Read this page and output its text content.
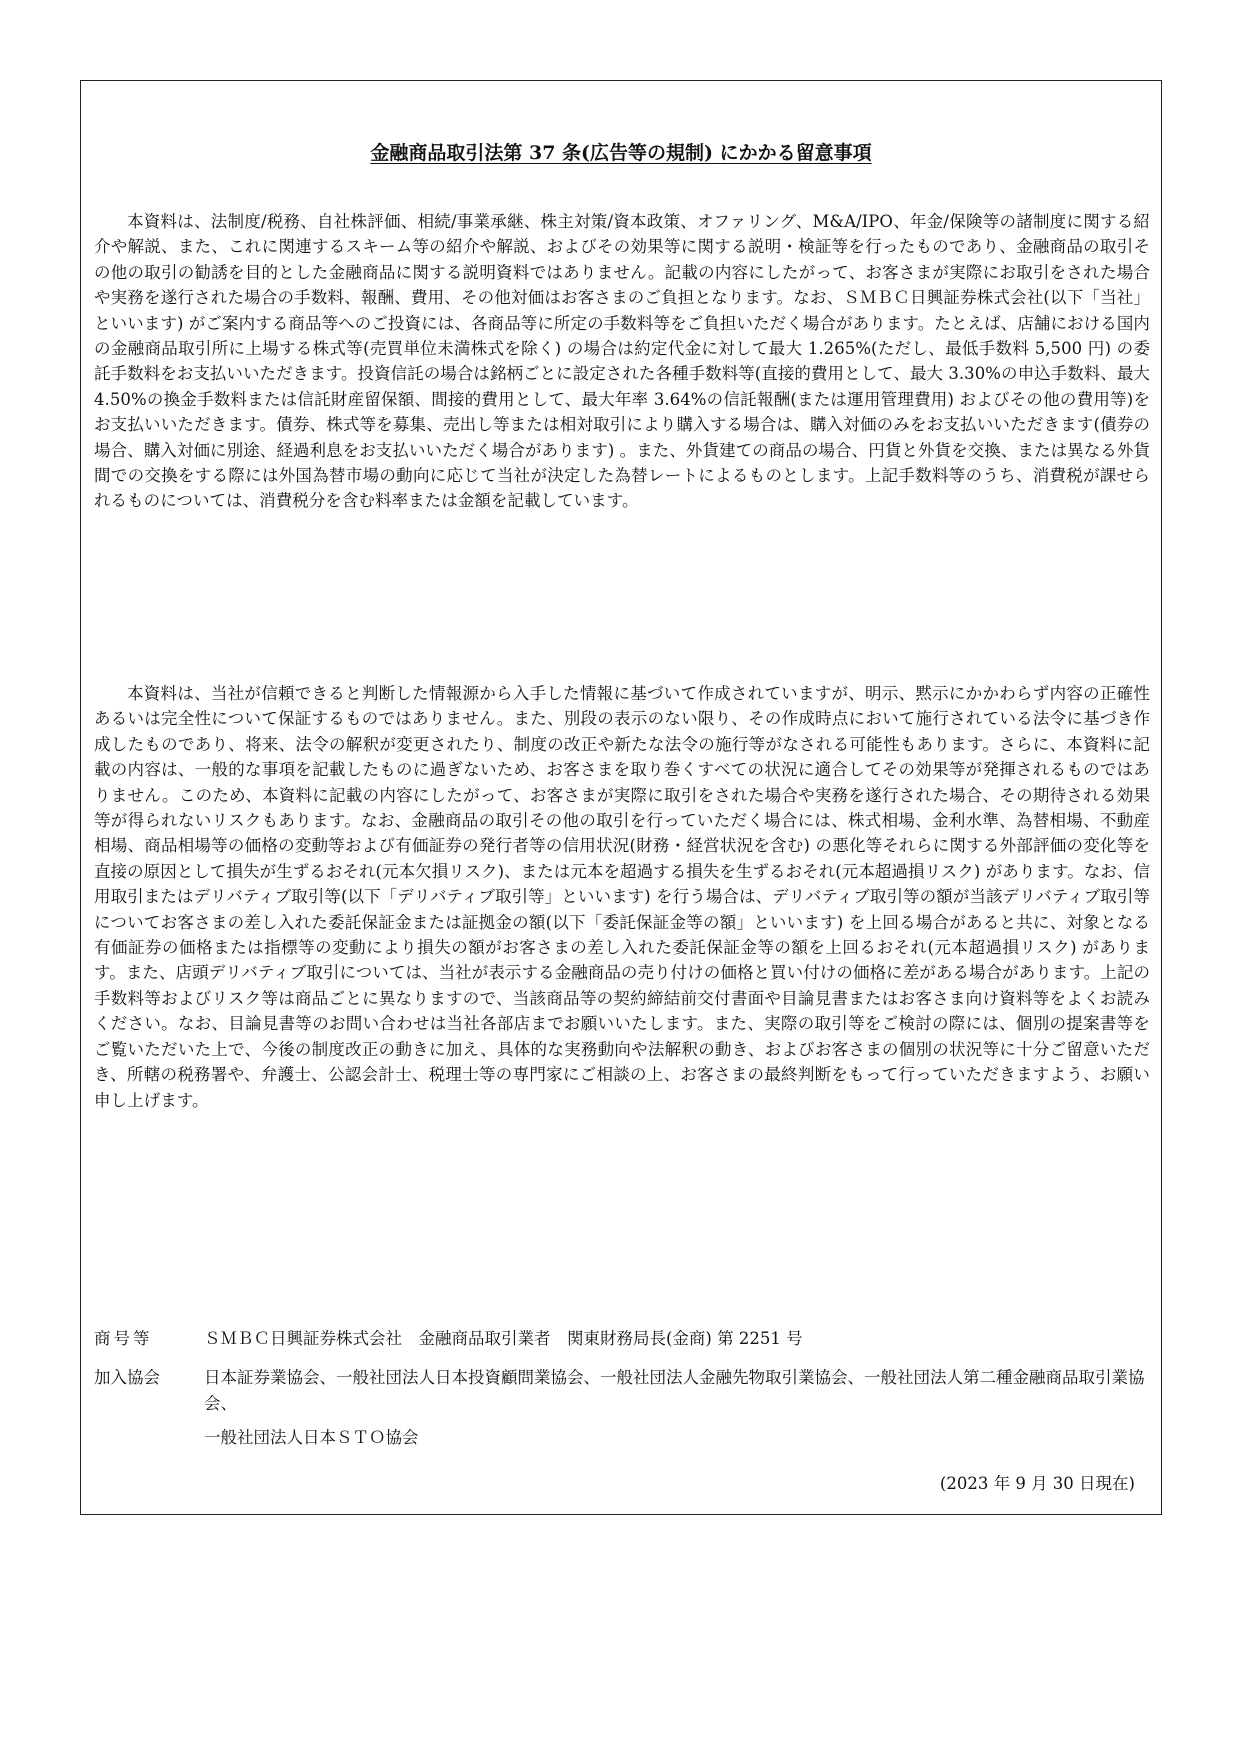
金融商品取引法第 37 条(広告等の規制) にかかる留意事項

本資料は、法制度/税務、自社株評価、相続/事業承継、株主対策/資本政策、オファリング、M&A/IPO、年金/保険等の諸制度に関する紹介や解説、また、これに関連するスキーム等の紹介や解説、およびその効果等に関する説明・検証等を行ったものであり、金融商品の取引その他の取引の勧誘を目的とした金融商品に関する説明資料ではありません。記載の内容にしたがって、お客さまが実際にお取引をされた場合や実務を遂行された場合の手数料、報酬、費用、その他対価はお客さまのご負担となります。なお、ＳＭＢＣ日興証券株式会社(以下「当社」といいます) がご案内する商品等へのご投資には、各商品等に所定の手数料等をご負担いただく場合があります。たとえば、店舗における国内の金融商品取引所に上場する株式等(売買単位未満株式を除く) の場合は約定代金に対して最大 1.265%(ただし、最低手数料 5,500 円) の委託手数料をお支払いいただきます。投資信託の場合は銘柄ごとに設定された各種手数料等(直接的費用として、最大 3.30%の申込手数料、最大 4.50%の換金手数料または信託財産留保額、間接的費用として、最大年率 3.64%の信託報酬(または運用管理費用) およびその他の費用等)をお支払いいただきます。債券、株式等を募集、売出し等または相対取引により購入する場合は、購入対価のみをお支払いいただきます(債券の場合、購入対価に別途、経過利息をお支払いいただく場合があります) 。また、外貨建ての商品の場合、円貨と外貨を交換、または異なる外貨間での交換をする際には外国為替市場の動向に応じて当社が決定した為替レートによるものとします。上記手数料等のうち、消費税が課せられるものについては、消費税分を含む料率または金額を記載しています。

本資料は、当社が信頼できると判断した情報源から入手した情報に基づいて作成されていますが、明示、黙示にかかわらず内容の正確性あるいは完全性について保証するものではありません。また、別段の表示のない限り、その作成時点において施行されている法令に基づき作成したものであり、将来、法令の解釈が変更されたり、制度の改正や新たな法令の施行等がなされる可能性もあります。さらに、本資料に記載の内容は、一般的な事項を記載したものに過ぎないため、お客さまを取り巻くすべての状況に適合してその効果等が発揮されるものではありません。このため、本資料に記載の内容にしたがって、お客さまが実際に取引をされた場合や実務を遂行された場合、その期待される効果等が得られないリスクもあります。なお、金融商品の取引その他の取引を行っていただく場合には、株式相場、金利水準、為替相場、不動産相場、商品相場等の価格の変動等および有価証券の発行者等の信用状況(財務・経営状況を含む) の悪化等それらに関する外部評価の変化等を直接の原因として損失が生ずるおそれ(元本欠損リスク)、または元本を超過する損失を生ずるおそれ(元本超過損リスク) があります。なお、信用取引またはデリバティブ取引等(以下「デリバティブ取引等」といいます) を行う場合は、デリバティブ取引等の額が当該デリバティブ取引等についてお客さまの差し入れた委託保証金または証拠金の額(以下「委託保証金等の額」といいます) を上回る場合があると共に、対象となる有価証券の価格または指標等の変動により損失の額がお客さまの差し入れた委託保証金等の額を上回るおそれ(元本超過損リスク) があります。また、店頭デリバティブ取引については、当社が表示する金融商品の売り付けの価格と買い付けの価格に差がある場合があります。上記の手数料等およびリスク等は商品ごとに異なりますので、当該商品等の契約締結前交付書面や目論見書またはお客さま向け資料等をよくお読みください。なお、目論見書等のお問い合わせは当社各部店までお願いいたします。また、実際の取引等をご検討の際には、個別の提案書等をご覧いただいた上で、今後の制度改正の動きに加え、具体的な実務動向や法解釈の動き、およびお客さまの個別の状況等に十分ご留意いただき、所轄の税務署や、弁護士、公認会計士、税理士等の専門家にご相談の上、お客さまの最終判断をもって行っていただきますよう、お願い申し上げます。

商号等	ＳＭＢＣ日興証券株式会社　金融商品取引業者　関東財務局長(金商) 第 2251 号
加入協会	日本証券業協会、一般社団法人日本投資顧問業協会、一般社団法人金融先物取引業協会、一般社団法人第二種金融商品取引業協会、
一般社団法人日本ＳＴＯ協会
(2023 年 9 月 30 日現在)
